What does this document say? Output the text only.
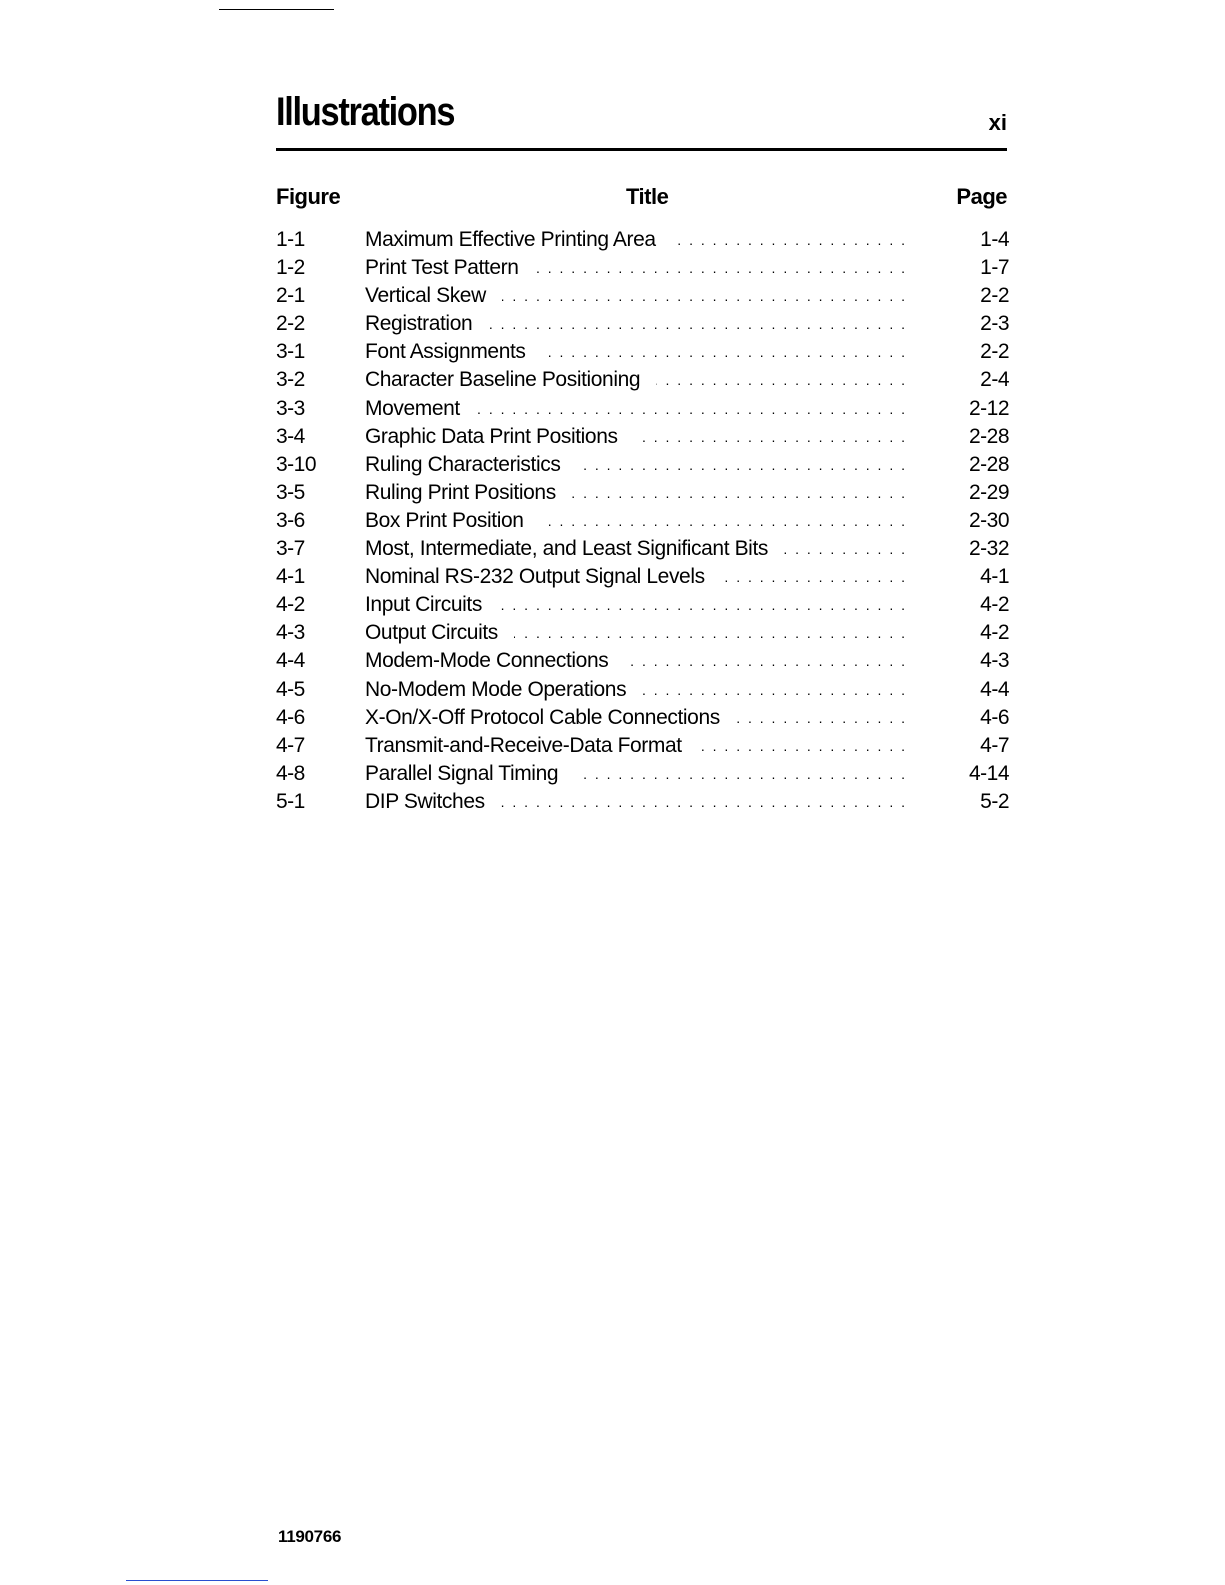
Illustrations	xi
Figure	Title	Page
1-1	Maximum Effective Printing Area . . .	1-4
1-2	Print Test Pattern . . .	1-7
2-1	Vertical Skew . . .	2-2
2-2	Registration . . .	2-3
3-1	Font Assignments . . .	2-2
3-2	Character Baseline Positioning . . .	2-4
3-3	Movement . . .	2-12
3-4	Graphic Data Print Positions . . .	2-28
3-10 Ruling Characteristics . . .	2-28
3-5	Ruling Print Positions . . .	2-29
3-6	Box Print Position . . .	2-30
3-7	Most, Intermediate, and Least Significant Bits . . .	2-32
4-1	Nominal RS-232 Output Signal Levels . . .	4-1
4-2	Input Circuits . . .	4-2
4-3	Output Circuits . . .	4-2
4-4	Modem-Mode Connections . . .	4-3
4-5	No-Modem Mode Operations . . .	4-4
4-6	X-On/X-Off Protocol Cable Connections . . .	4-6
4-7	Transmit-and-Receive-Data Format . . .	4-7
4-8	Parallel Signal Timing . . .	4-14
5-1	DIP Switches . . .	5-2
1190766
